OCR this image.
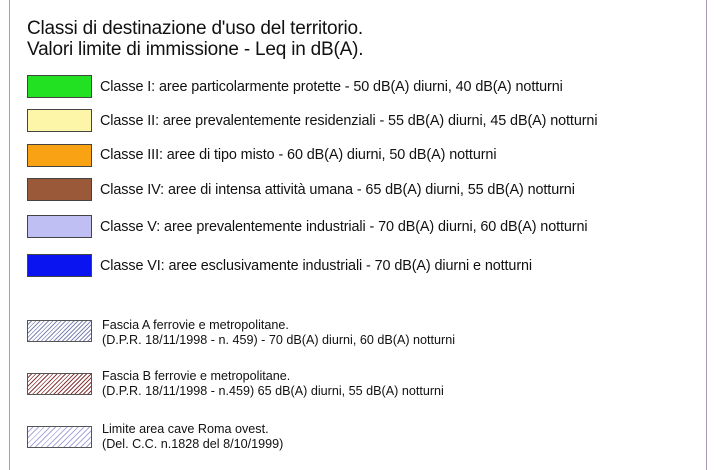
Classi di destinazione d'uso del territorio.
Valori limite di immissione - Leq in dB(A).
Classe I: aree particolarmente protette - 50 dB(A) diurni, 40 dB(A) notturni
Classe II: aree prevalentemente residenziali - 55 dB(A) diurni, 45 dB(A) notturni
Classe III: aree di tipo misto - 60 dB(A) diurni, 50 dB(A) notturni
Classe IV: aree di intensa attività umana - 65 dB(A) diurni, 55 dB(A) notturni
Classe V: aree prevalentemente industriali - 70 dB(A) diurni, 60 dB(A) notturni
Classe VI: aree esclusivamente industriali - 70 dB(A) diurni e notturni
Fascia A ferrovie e metropolitane.
(D.P.R. 18/11/1998 - n. 459) - 70 dB(A) diurni, 60 dB(A) notturni
Fascia B ferrovie e metropolitane.
(D.P.R. 18/11/1998 - n.459) 65 dB(A) diurni, 55 dB(A) notturni
Limite area cave Roma ovest.
(Del. C.C. n.1828 del 8/10/1999)
